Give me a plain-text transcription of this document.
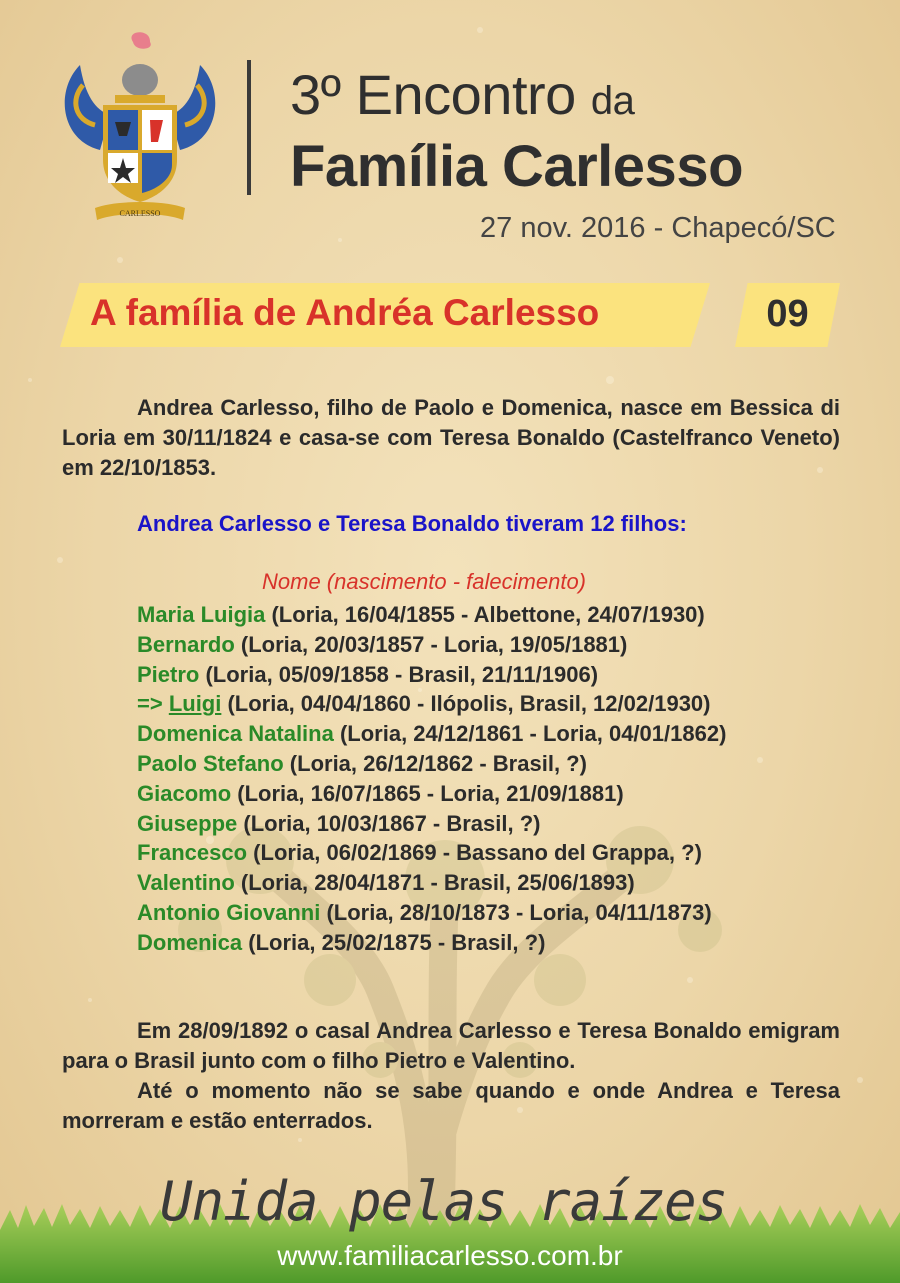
CARLESSO
3º Encontro da
Família Carlesso
27 nov. 2016 - Chapecó/SC
A família de Andréa Carlesso	09
Andrea Carlesso, filho de Paolo e Domenica, nasce em Bessica di Loria em 30/11/1824 e casa-se com Teresa Bonaldo (Castelfranco Veneto) em 22/10/1853.
Andrea Carlesso e Teresa Bonaldo tiveram 12 filhos:
Nome (nascimento - falecimento)
Maria Luigia (Loria, 16/04/1855 - Albettone, 24/07/1930)
Bernardo (Loria, 20/03/1857 - Loria, 19/05/1881)
Pietro (Loria, 05/09/1858 - Brasil, 21/11/1906)
=> Luigi (Loria, 04/04/1860 - Ilópolis, Brasil, 12/02/1930)
Domenica Natalina (Loria, 24/12/1861 - Loria, 04/01/1862)
Paolo Stefano (Loria, 26/12/1862 - Brasil, ?)
Giacomo (Loria, 16/07/1865 - Loria, 21/09/1881)
Giuseppe (Loria, 10/03/1867 - Brasil, ?)
Francesco (Loria, 06/02/1869 - Bassano del Grappa, ?)
Valentino (Loria, 28/04/1871 - Brasil, 25/06/1893)
Antonio Giovanni (Loria, 28/10/1873 - Loria, 04/11/1873)
Domenica (Loria, 25/02/1875 - Brasil, ?)

Em 28/09/1892 o casal Andrea Carlesso e Teresa Bonaldo emigram para o Brasil junto com o filho Pietro e Valentino.

Até o momento não se sabe quando e onde Andrea e Teresa morreram e estão enterrados.

Unida pelas raízes
www.familiacarlesso.com.br
